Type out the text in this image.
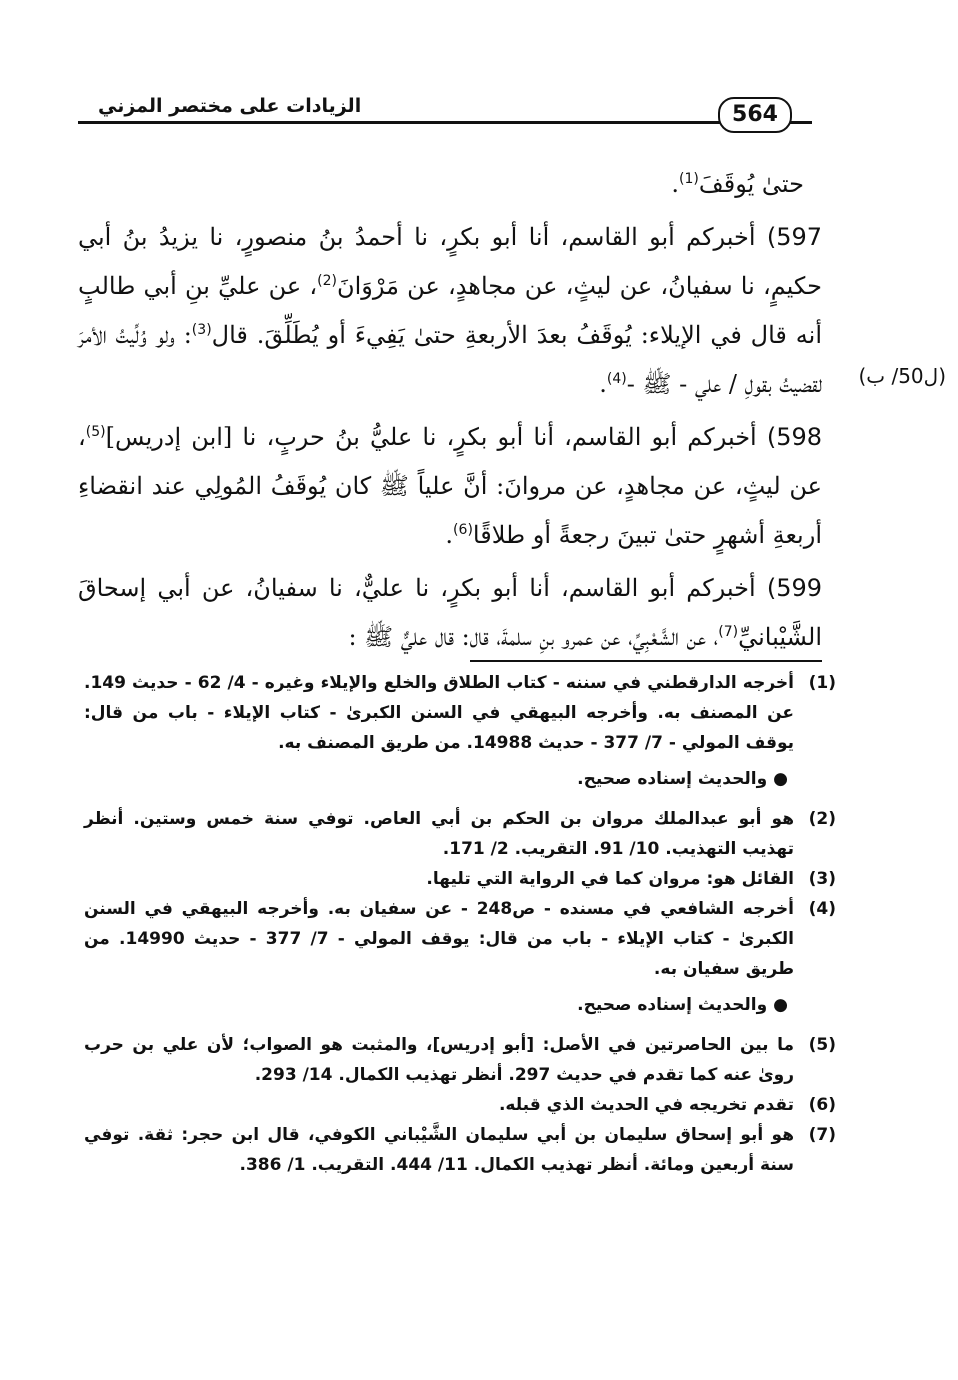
الزيادات على مختصر المزني	564
(ل50/ ب)

حتىٰ يُوقَفَ$^{(1)}$.

597) أخبركم أبو القاسم، أنا أبو بكرٍ، نا أحمدُ بنُ منصورٍ، نا يزيدُ بنُ أبي حكيمٍ، نا سفيانُ، عن ليثٍ، عن مجاهدٍ، عن مَرْوَانَ$^{(2)}$، عن عليِّ بنِ أبي طالبٍ أنه قال في الإيلاء: يُوقَفُ بعدَ الأربعةِ حتىٰ يَفِيءَ أو يُطَلِّقَ. قال$^{(3)}$: ولو وُلِّيتُ الأمرَ لقضيتُ بقولِ / علي - ﷺ -$^{(4)}$.

598) أخبركم أبو القاسم، أنا أبو بكرٍ، نا عليُّ بنُ حربٍ، نا [ابن إدريس]$^{(5)}$، عن ليثٍ، عن مجاهدٍ، عن مروانَ: أنَّ علياً ﷺ كان يُوقَفُ المُولِي عند انقضاءِ أربعةِ أشهرٍ حتىٰ تبينَ رجعةً أو طلاقًا$^{(6)}$.

599) أخبركم أبو القاسم، أنا أبو بكرٍ، نا عليٌّ، نا سفيانُ، عن أبي إسحاقَ الشَّيْبانيِّ$^{(7)}$، عن الشَّعْبِيِّ، عن عمرو بنِ سلمةَ، قال: قال عليٌّ ﷺ :

(1)
أخرجه الدارقطني في سننه - كتاب الطلاق والخلع والإيلاء وغيره - 4/ 62 - حديث 149. عن المصنف به. وأخرجه البيهقي في السنن الكبرىٰ - كتاب الإيلاء - باب من قال: يوقف المولي - 7/ 377 - حديث 14988. من طريق المصنف به.
●والحديث إسناده صحيح.
(2)
هو أبو عبدالملك مروان بن الحكم بن أبي العاص. توفي سنة خمس وستين. أنظر تهذيب التهذيب. 10/ 91. التقريب. 2/ 171.
(3)
القائل هو: مروان كما في الرواية التي تليها.
(4)
أخرجه الشافعي في مسنده - ص248 - عن سفيان به. وأخرجه البيهقي في السنن الكبرىٰ - كتاب الإيلاء - باب من قال: يوقف المولي - 7/ 377 - حديث 14990. من طريق سفيان به.
●والحديث إسناده صحيح.
(5)
ما بين الحاصرتين في الأصل: [أبو إدريس]، والمثبت هو الصواب؛ لأن علي بن حرب روىٰ عنه كما تقدم في حديث 297. أنظر تهذيب الكمال. 14/ 293.
(6)
تقدم تخريجه في الحديث الذي قبله.
(7)
هو أبو إسحاق سليمان بن أبي سليمان الشَّيْباني الكوفي، قال ابن حجر: ثقة. توفي سنة أربعين ومائة. أنظر تهذيب الكمال. 11/ 444. التقريب. 1/ 386.
